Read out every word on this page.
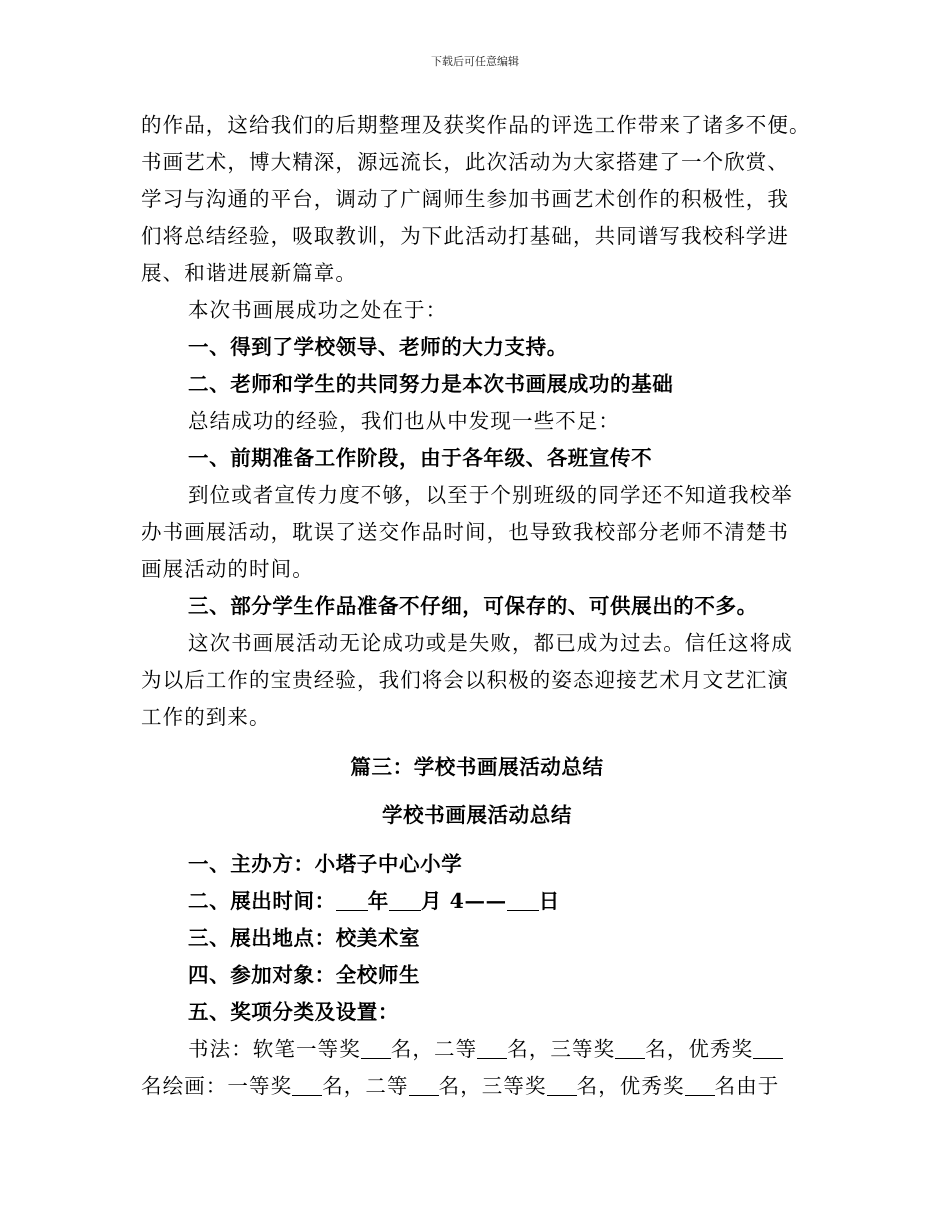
下载后可任意编辑
的作品，这给我们的后期整理及获奖作品的评选工作带来了诸多不便。
书画艺术，博大精深，源远流长，此次活动为大家搭建了一个欣赏、
学习与沟通的平台，调动了广阔师生参加书画艺术创作的积极性，我
们将总结经验，吸取教训，为下此活动打基础，共同谱写我校科学进
展、和谐进展新篇章。
本次书画展成功之处在于：
一、得到了学校领导、老师的大力支持。
二、老师和学生的共同努力是本次书画展成功的基础
总结成功的经验，我们也从中发现一些不足：
一、前期准备工作阶段，由于各年级、各班宣传不
到位或者宣传力度不够，以至于个别班级的同学还不知道我校举
办书画展活动，耽误了送交作品时间，也导致我校部分老师不清楚书
画展活动的时间。
三、部分学生作品准备不仔细，可保存的、可供展出的不多。
这次书画展活动无论成功或是失败，都已成为过去。信任这将成
为以后工作的宝贵经验，我们将会以积极的姿态迎接艺术月文艺汇演
工作的到来。
篇三：学校书画展活动总结
学校书画展活动总结
一、主办方：小塔子中心小学
二、展出时间： 年 月 4—— 日
三、展出地点：校美术室
四、参加对象：全校师生
五、奖项分类及设置：
书法：软笔一等奖 名，二等 名，三等奖 名，优秀奖
名绘画：一等奖 名，二等 名，三等奖 名，优秀奖 名由于
